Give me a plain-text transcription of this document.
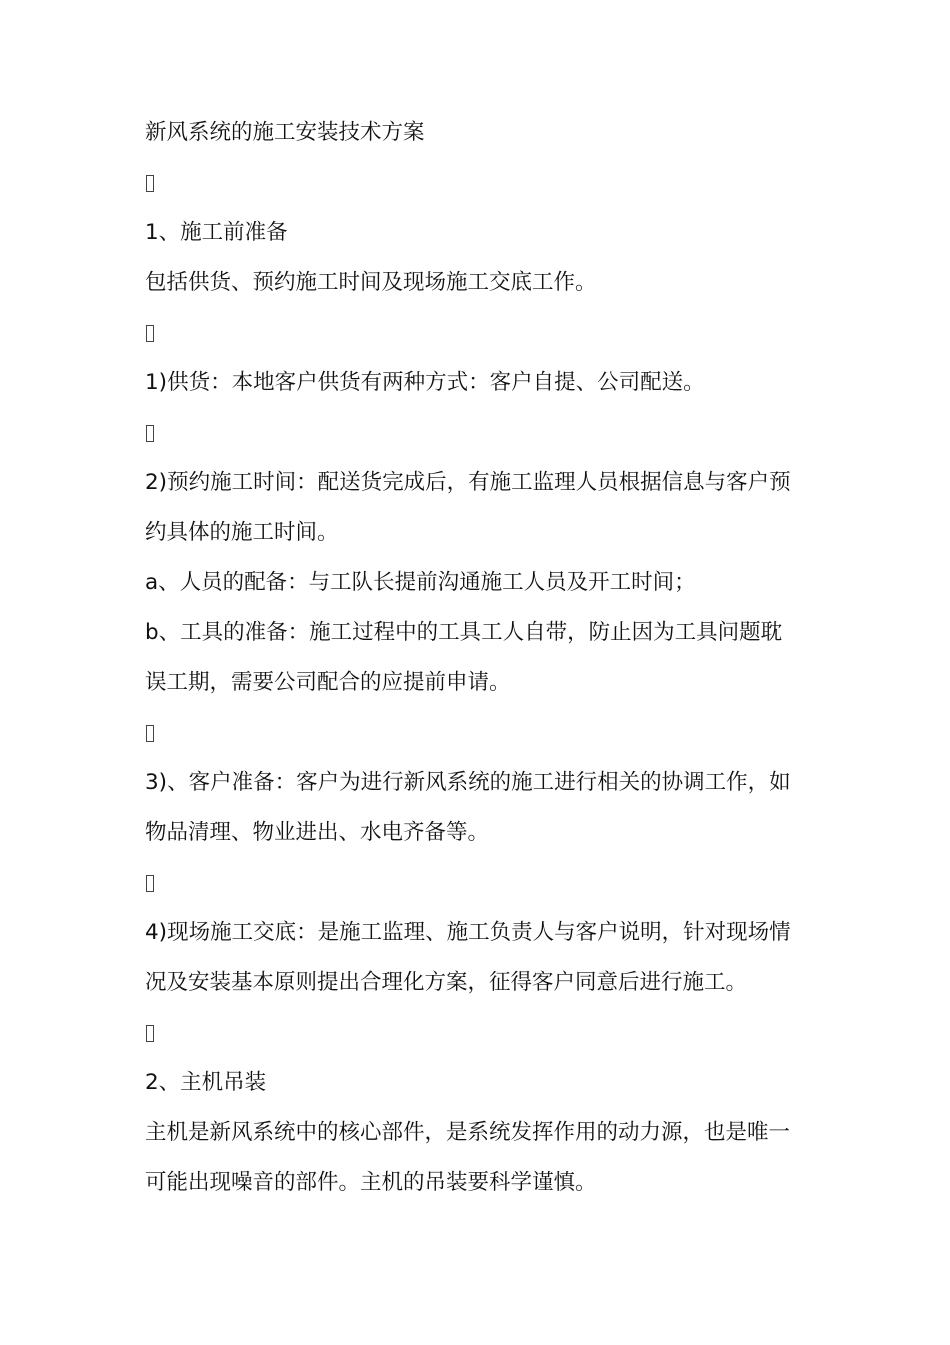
新风系统的施工安装技术方案
1、施工前准备
包括供货、预约施工时间及现场施工交底工作。
1)供货：本地客户供货有两种方式：客户自提、公司配送。
2)预约施工时间：配送货完成后，有施工监理人员根据信息与客户预
约具体的施工时间。
a、人员的配备：与工队长提前沟通施工人员及开工时间；
b、工具的准备：施工过程中的工具工人自带，防止因为工具问题耽
误工期，需要公司配合的应提前申请。
3)、客户准备：客户为进行新风系统的施工进行相关的协调工作，如
物品清理、物业进出、水电齐备等。
4)现场施工交底：是施工监理、施工负责人与客户说明，针对现场情
况及安装基本原则提出合理化方案，征得客户同意后进行施工。
2、主机吊装
主机是新风系统中的核心部件，是系统发挥作用的动力源，也是唯一
可能出现噪音的部件。主机的吊装要科学谨慎。
